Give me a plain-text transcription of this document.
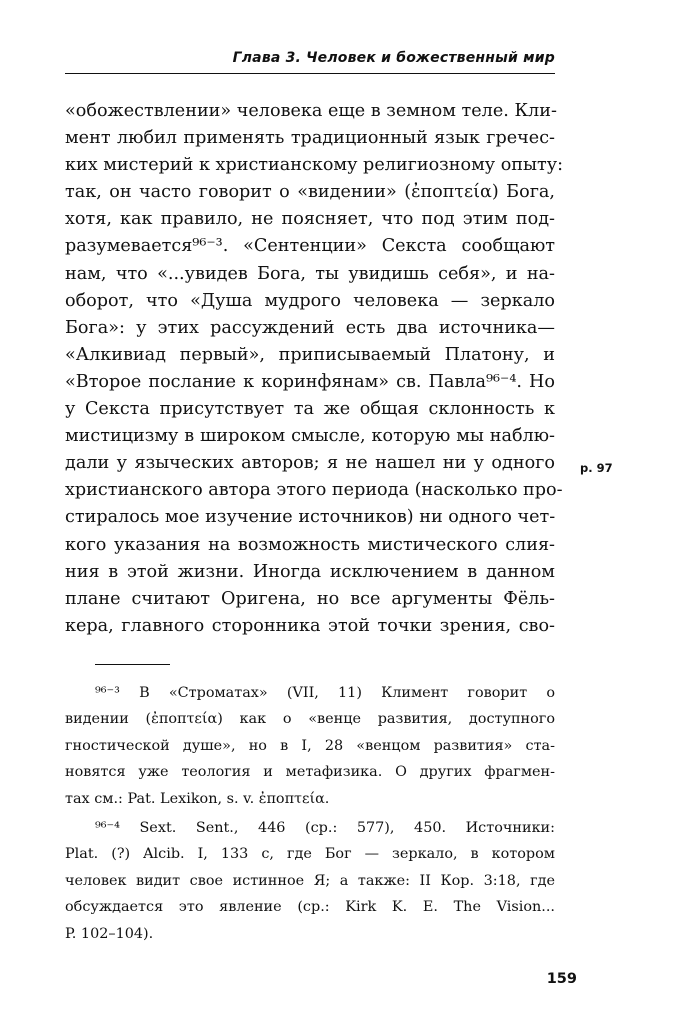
Глава 3. Человек и божественный мир
«обожествлении» человека еще в земном теле. Кли-
мент любил применять традиционный язык гречес-
ких мистерий к христианскому религиозному опыту:
так, он часто говорит о «видении» (ἐποπτεία) Бога,
хотя, как правило, не поясняет, что под этим под-
разумевается⁹⁶⁻³. «Сентенции» Секста сообщают
нам, что «...увидев Бога, ты увидишь себя», и на-
оборот, что «Душа мудрого человека — зеркало
Бога»: у этих рассуждений есть два источника—
«Алкивиад первый», приписываемый Платону, и
«Второе послание к коринфянам» св. Павла⁹⁶⁻⁴. Но
у Секста присутствует та же общая склонность к
мистицизму в широком смысле, которую мы наблю-
дали у языческих авторов; я не нашел ни у одного
христианского автора этого периода (насколько про-
стиралось мое изучение источников) ни одного чет-
кого указания на возможность мистического слия-
ния в этой жизни. Иногда исключением в данном
плане считают Оригена, но все аргументы Фёль-
кера, главного сторонника этой точки зрения, сво-
р. 97
⁹⁶⁻³ В «Строматах» (VII, 11) Климент говорит о
видении (ἐποπτεία) как о «венце развития, доступного
гностической душе», но в I, 28 «венцом развития» ста-
новятся уже теология и метафизика. О других фрагмен-
тах см.: Pat. Lexikon, s. v. ἐποπτεία.
⁹⁶⁻⁴ Sext. Sent., 446 (ср.: 577), 450. Источники:
Plat. (?) Alcib. I, 133 c, где Бог — зеркало, в котором
человек видит свое истинное Я; а также: II Кор. 3:18, где
обсуждается это явление (ср.: Kirk K. E. The Vision...
P. 102–104).
159
